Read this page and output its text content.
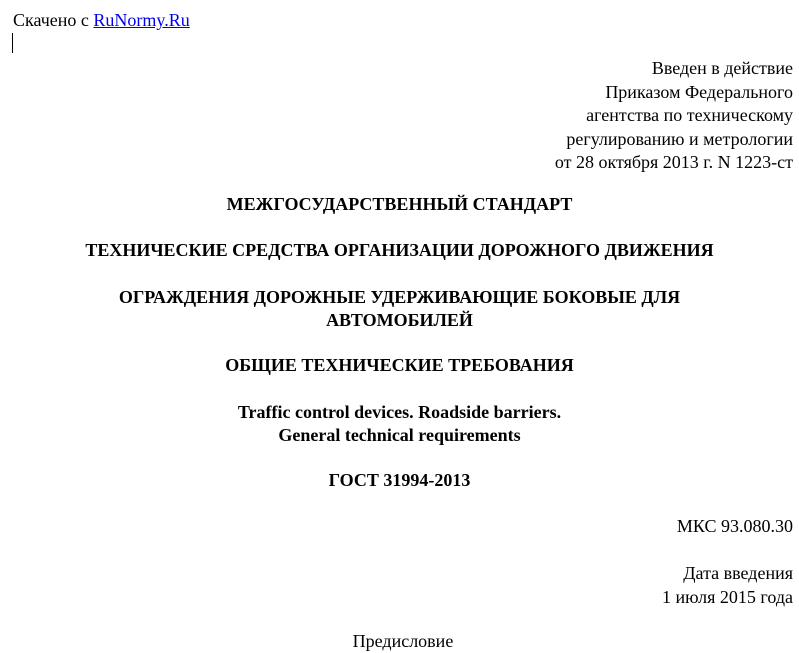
Скачено с RuNormy.Ru
Введен в действие
Приказом Федерального
агентства по техническому
регулированию и метрологии
от 28 октября 2013 г. N 1223-ст
МЕЖГОСУДАРСТВЕННЫЙ СТАНДАРТ
ТЕХНИЧЕСКИЕ СРЕДСТВА ОРГАНИЗАЦИИ ДОРОЖНОГО ДВИЖЕНИЯ
ОГРАЖДЕНИЯ ДОРОЖНЫЕ УДЕРЖИВАЮЩИЕ БОКОВЫЕ ДЛЯ
АВТОМОБИЛЕЙ
ОБЩИЕ ТЕХНИЧЕСКИЕ ТРЕБОВАНИЯ
Traffic control devices. Roadside barriers.
General technical requirements
ГОСТ 31994-2013
МКС 93.080.30
Дата введения
1 июля 2015 года
Предисловие
